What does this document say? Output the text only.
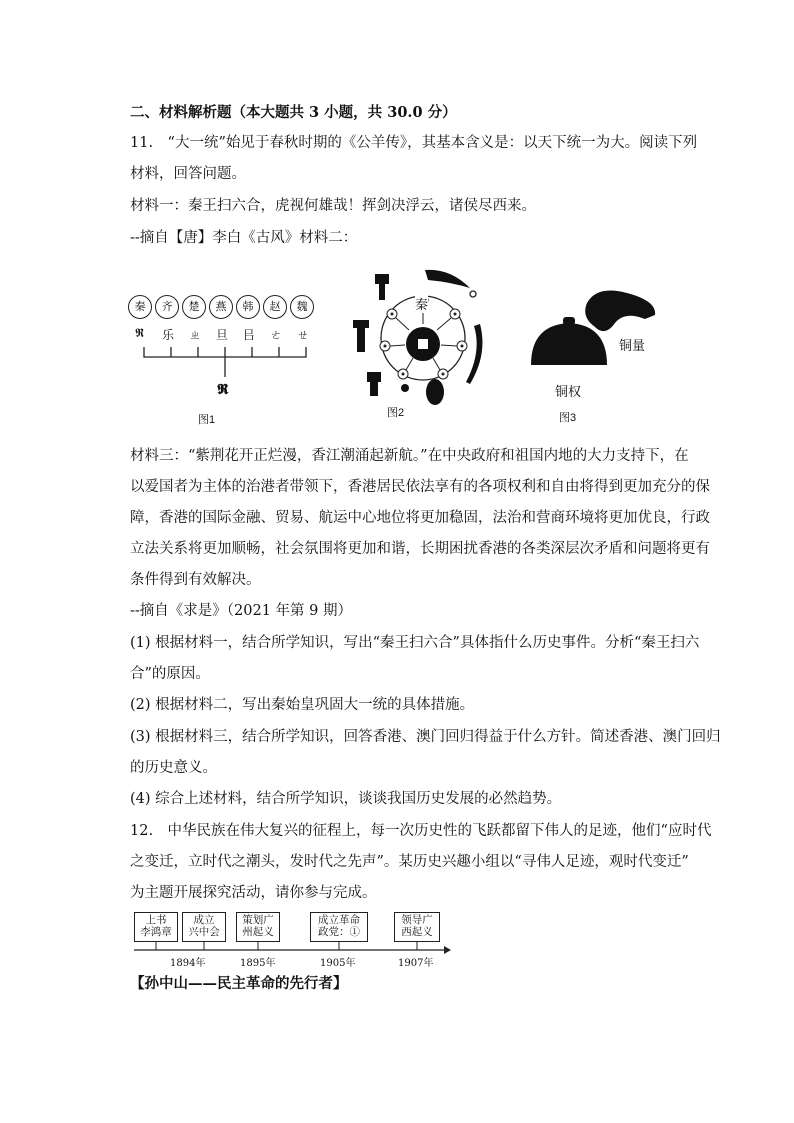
二、材料解析题（本大题共 3 小题，共 30.0 分）
11.　“大一统”始见于春秋时期的《公羊传》，其基本含义是：以天下统一为大。阅读下列
材料，回答问题。
材料一：秦王扫六合，虎视何雄哉！挥剑决浮云，诸侯尽西来。
--摘自【唐】李白《古风》材料二：
秦	齐	楚	燕	韩	赵	魏
𝕽 乐 ㄓ 旦 㠯 ㄜ ㄝ
𝕽
图1
秦
图2
铜量
铜权
图3
材料三：“紫荆花开正烂漫，香江潮涌起新航。”在中央政府和祖国内地的大力支持下，在
以爱国者为主体的治港者带领下，香港居民依法享有的各项权利和自由将得到更加充分的保
障，香港的国际金融、贸易、航运中心地位将更加稳固，法治和营商环境将更加优良，行政
立法关系将更加顺畅，社会氛围将更加和谐，长期困扰香港的各类深层次矛盾和问题将更有
条件得到有效解决。
--摘自《求是》（2021 年第 9 期）
(1) 根据材料一，结合所学知识，写出“秦王扫六合”具体指什么历史事件。分析“秦王扫六
合”的原因。
(2) 根据材料二，写出秦始皇巩固大一统的具体措施。
(3) 根据材料三，结合所学知识，回答香港、澳门回归得益于什么方针。简述香港、澳门回归
的历史意义。
(4) 综合上述材料，结合所学知识，谈谈我国历史发展的必然趋势。
12.　中华民族在伟大复兴的征程上，每一次历史性的飞跃都留下伟人的足迹，他们“应时代
之变迁，立时代之潮头，发时代之先声”。某历史兴趣小组以“寻伟人足迹，观时代变迁”
为主题开展探究活动，请你参与完成。
上书
李鸿章
成立
兴中会
策划广
州起义
成立革命
政党：①
领导广
西起义
1894年	1895年	1905年	1907年
【孙中山——民主革命的先行者】
